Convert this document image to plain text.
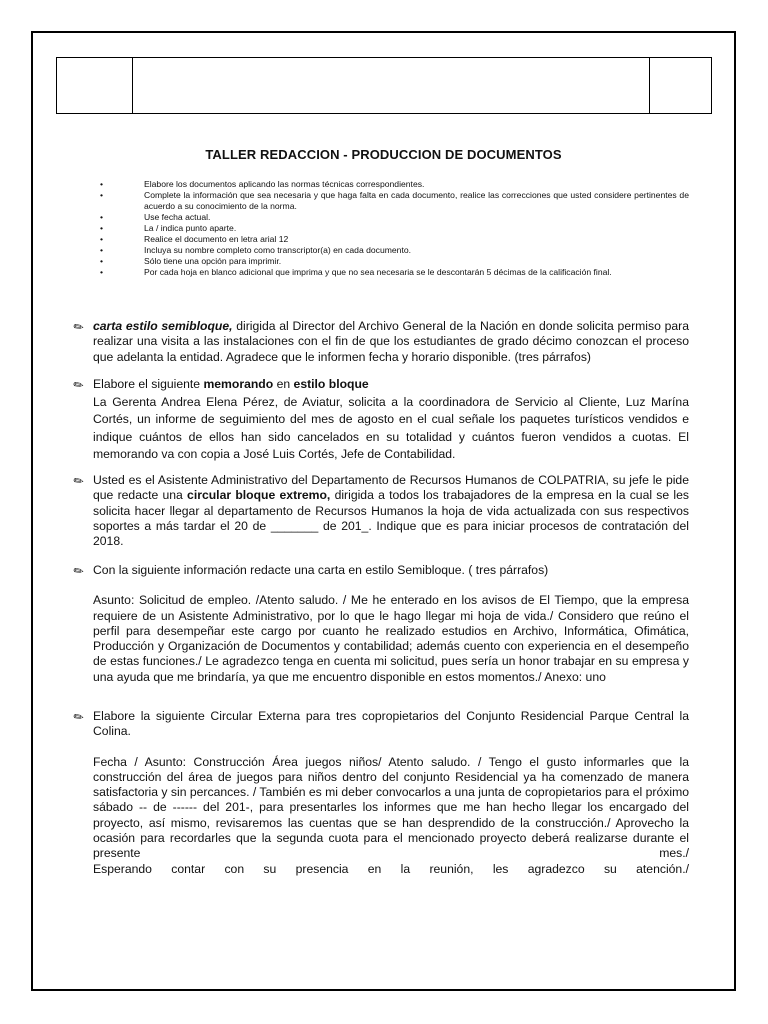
TALLER REDACCION - PRODUCCION DE DOCUMENTOS
•	Elabore los documentos aplicando las normas técnicas correspondientes.
•	Complete la información que sea necesaria y que haga falta en cada documento, realice las correcciones que usted considere pertinentes de acuerdo a su conocimiento de la norma.
•	Use fecha actual.
•	La / indica punto aparte.
•	Realice el documento en letra arial 12
•	Incluya su nombre completo como transcriptor(a) en cada documento.
•	Sólo tiene una opción para imprimir.
•	Por cada hoja en blanco adicional que imprima y que no sea necesaria se le descontarán 5 décimas de la calificación final.
✎ carta estilo semibloque, dirigida al Director del Archivo General de la Nación en donde solicita permiso para realizar una visita a las instalaciones con el fin de que los estudiantes de grado décimo conozcan el proceso que adelanta la entidad. Agradece que le informen fecha y horario disponible. (tres párrafos)

✎ Elabore el siguiente memorando en estilo bloque

La Gerenta Andrea Elena Pérez, de Aviatur, solicita a la coordinadora de Servicio al Cliente, Luz Marína Cortés, un informe de seguimiento del mes de agosto en el cual señale los paquetes turísticos vendidos e indique cuántos de ellos han sido cancelados en su totalidad y cuántos fueron vendidos a cuotas. El memorando va con copia a José Luis Cortés, Jefe de Contabilidad.

✎ Usted es el Asistente Administrativo del Departamento de Recursos Humanos de COLPATRIA, su jefe le pide que redacte una circular bloque extremo, dirigida a todos los trabajadores de la empresa en la cual se les solicita hacer llegar al departamento de Recursos Humanos la hoja de vida actualizada con sus respectivos soportes a más tardar el 20 de _______ de 201_. Indique que es para iniciar procesos de contratación del 2018.

✎ Con la siguiente información redacte una carta en estilo Semibloque. ( tres párrafos)

Asunto: Solicitud de empleo. /Atento saludo. / Me he enterado en los avisos de El Tiempo, que la empresa requiere de un Asistente Administrativo, por lo que le hago llegar mi hoja de vida./ Considero que reúno el perfil para desempeñar este cargo por cuanto he realizado estudios en Archivo, Informática, Ofimática, Producción y Organización de Documentos y contabilidad; además cuento con experiencia en el desempeño de estas funciones./ Le agradezco tenga en cuenta mi solicitud, pues sería un honor trabajar en su empresa y una ayuda que me brindaría, ya que me encuentro disponible en estos momentos./ Anexo: uno

✎ Elabore la siguiente Circular Externa para tres copropietarios del Conjunto Residencial Parque Central la Colina.

Fecha / Asunto: Construcción Área juegos niños/ Atento saludo. / Tengo el gusto informarles que la construcción del área de juegos para niños dentro del conjunto Residencial ya ha comenzado de manera satisfactoria y sin percances. / También es mi deber convocarlos a una junta de copropietarios para el próximo sábado -- de ------ del 201-, para presentarles los informes que me han hecho llegar los encargado del proyecto, así mismo, revisaremos las cuentas que se han desprendido de la construcción./ Aprovecho la ocasión para recordarles que la segunda cuota para el mencionado proyecto deberá realizarse durante el presente mes./

Esperando contar con su presencia en la reunión, les agradezco su atención./
